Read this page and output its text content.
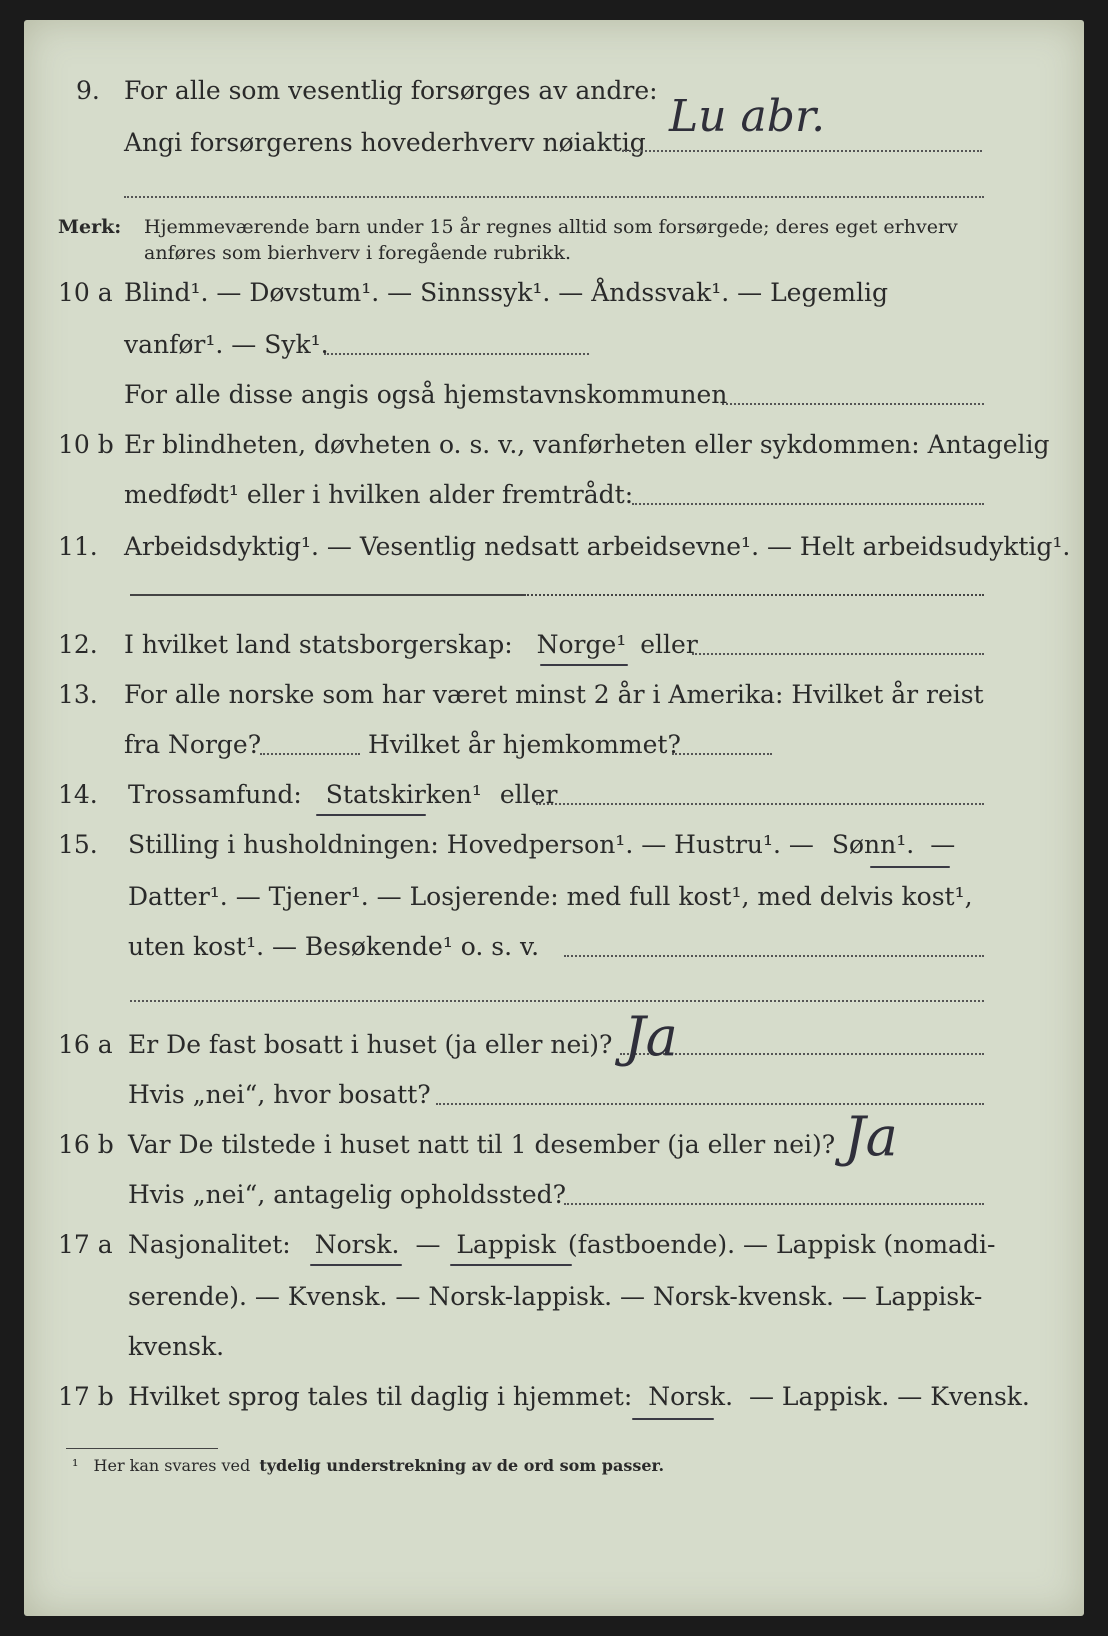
9. For alle som vesentlig forsørges av andre:
Angi forsørgerens hovederhverv nøiaktig
Lu abr.
Merk: Hjemmeværende barn under 15 år regnes alltid som forsørgede; deres eget erhverv
anføres som bierhverv i foregående rubrikk.
10 a Blind¹. — Døvstum¹. — Sinnssyk¹. — Åndssvak¹. — Legemlig
vanfør¹. — Syk¹.
For alle disse angis også hjemstavnskommunen
10 b Er blindheten, døvheten o. s. v., vanførheten eller sykdommen: Antagelig
medfødt¹ eller i hvilken alder fremtrådt:
11. Arbeidsdyktig¹. — Vesentlig nedsatt arbeidsevne¹. — Helt arbeidsudyktig¹.
12. I hvilket land statsborgerskap: Norge¹ eller
13. For alle norske som har været minst 2 år i Amerika: Hvilket år reist
fra Norge?	Hvilket år hjemkommet?
14. Trossamfund: Statskirken¹ eller
15. Stilling i husholdningen: Hovedperson¹. — Hustru¹. — Sønn¹. —
Datter¹. — Tjener¹. — Losjerende: med full kost¹, med delvis kost¹,
uten kost¹. — Besøkende¹ o. s. v.
16 a Er De fast bosatt i huset (ja eller nei)? Ja
Hvis „nei“, hvor bosatt?
16 b Var De tilstede i huset natt til 1 desember (ja eller nei)? Ja
Hvis „nei“, antagelig opholdssted?
17 a Nasjonalitet: Norsk. — Lappisk (fastboende). — Lappisk (nomadi-
serende). — Kvensk. — Norsk-lappisk. — Norsk-kvensk. — Lappisk-
kvensk.
17 b Hvilket sprog tales til daglig i hjemmet: Norsk. — Lappisk. — Kvensk.
¹ Her kan svares ved tydelig understrekning av de ord som passer.
